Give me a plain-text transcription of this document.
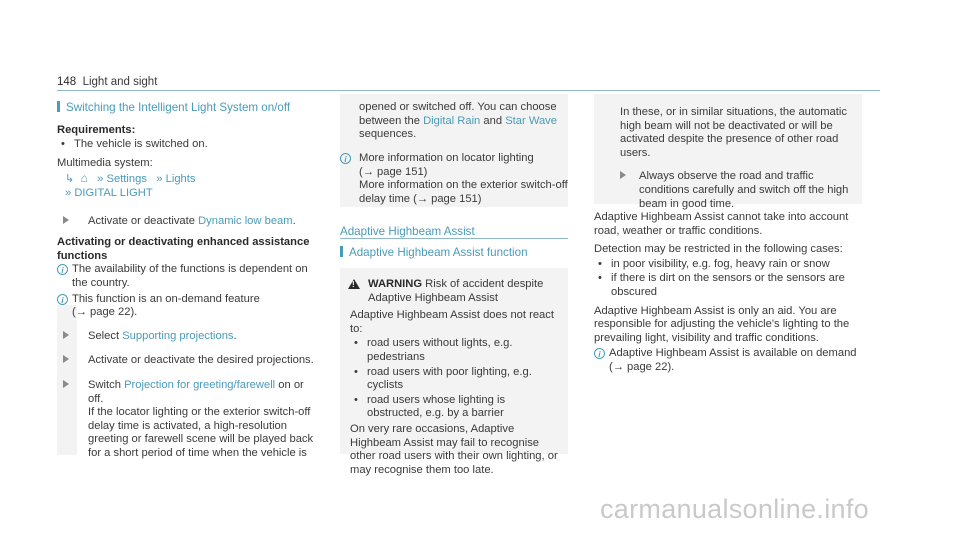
148 Light and sight
Switching the Intelligent Light System on/off

Requirements:

• The vehicle is switched on.

Multimedia system:

↳ ⌂ » Settings » Lights
» DIGITAL LIGHT
Activate or deactivate Dynamic low beam.

Activating or deactivating enhanced assistance functions

i The availability of the functions is dependent on the country.
i This function is an on-demand feature
(→ page 22).
Select Supporting projections.
Activate or deactivate the desired projections.
Switch Projection for greeting/farewell on or off.
If the locator lighting or the exterior switch-off delay time is activated, a high-resolution greeting or farewell scene will be played back for a short period of time when the vehicle is

opened or switched off. You can choose between the Digital Rain and Star Wave sequences.

i	More information on locator lighting
(→ page 151)
More information on the exterior switch-off delay time (→ page 151)
Adaptive Highbeam Assist
Adaptive Highbeam Assist function
!
WARNING Risk of accident despite Adaptive Highbeam Assist

Adaptive Highbeam Assist does not react to:

• road users without lights, e.g. pedestrians
• road users with poor lighting, e.g. cyclists
• road users whose lighting is obstructed, e.g. by a barrier

On very rare occasions, Adaptive Highbeam Assist may fail to recognise other road users with their own lighting, or may recognise them too late.

In these, or in similar situations, the automatic high beam will not be deactivated or will be activated despite the presence of other road users.

Always observe the road and traffic conditions carefully and switch off the high beam in good time.

Adaptive Highbeam Assist cannot take into account road, weather or traffic conditions.

Detection may be restricted in the following cases:

• in poor visibility, e.g. fog, heavy rain or snow
• if there is dirt on the sensors or the sensors are obscured

Adaptive Highbeam Assist is only an aid. You are responsible for adjusting the vehicle's lighting to the prevailing light, visibility and traffic conditions.

i Adaptive Highbeam Assist is available on demand (→ page 22).
carmanualsonline.info
